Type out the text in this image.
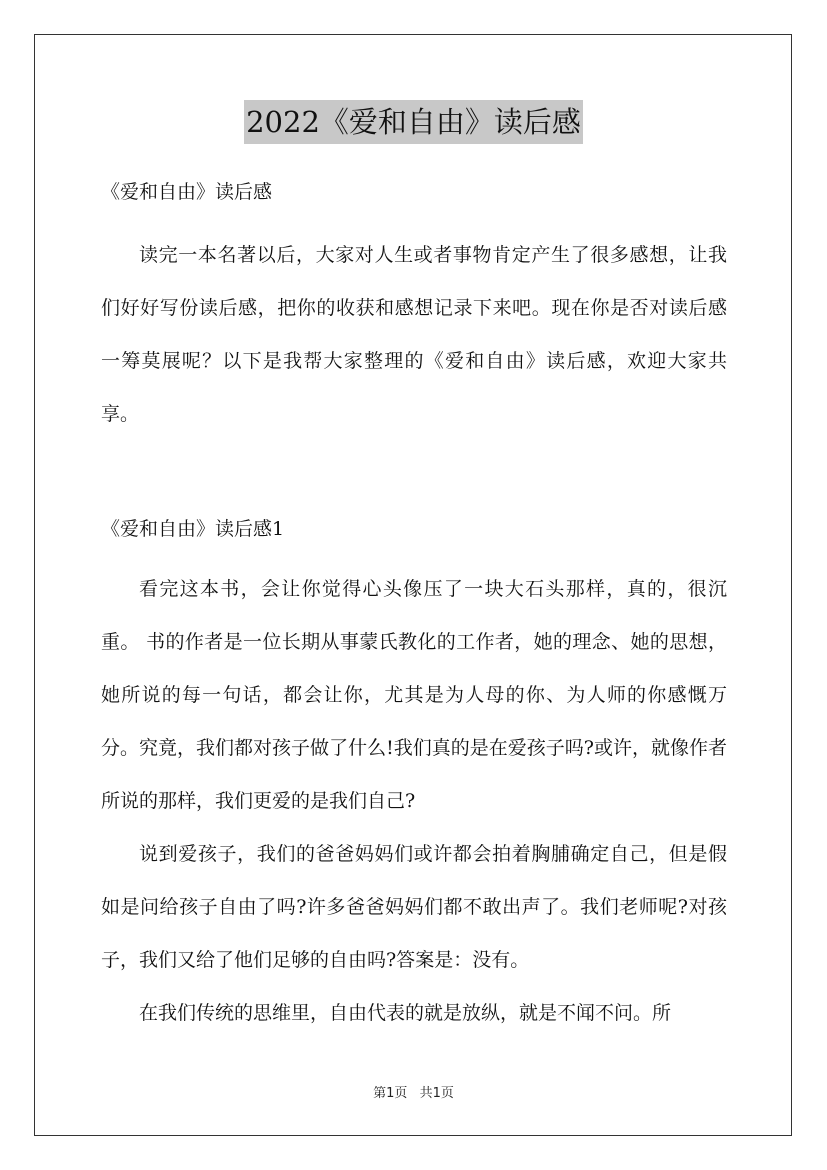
2022《爱和自由》读后感
《爱和自由》读后感

读完一本名著以后，大家对人生或者事物肯定产生了很多感想，让我们好好写份读后感，把你的收获和感想记录下来吧。现在你是否对读后感一筹莫展呢？以下是我帮大家整理的《爱和自由》读后感，欢迎大家共享。

《爱和自由》读后感1

看完这本书，会让你觉得心头像压了一块大石头那样，真的，很沉重。 书的作者是一位长期从事蒙氏教化的工作者，她的理念、她的思想，她所说的每一句话，都会让你，尤其是为人母的你、为人师的你感慨万分。究竟，我们都对孩子做了什么!我们真的是在爱孩子吗?或许，就像作者所说的那样，我们更爱的是我们自己?

说到爱孩子，我们的爸爸妈妈们或许都会拍着胸脯确定自己，但是假如是问给孩子自由了吗?许多爸爸妈妈们都不敢出声了。我们老师呢?对孩子，我们又给了他们足够的自由吗?答案是：没有。

在我们传统的思维里，自由代表的就是放纵，就是不闻不问。所

第1页 共1页
